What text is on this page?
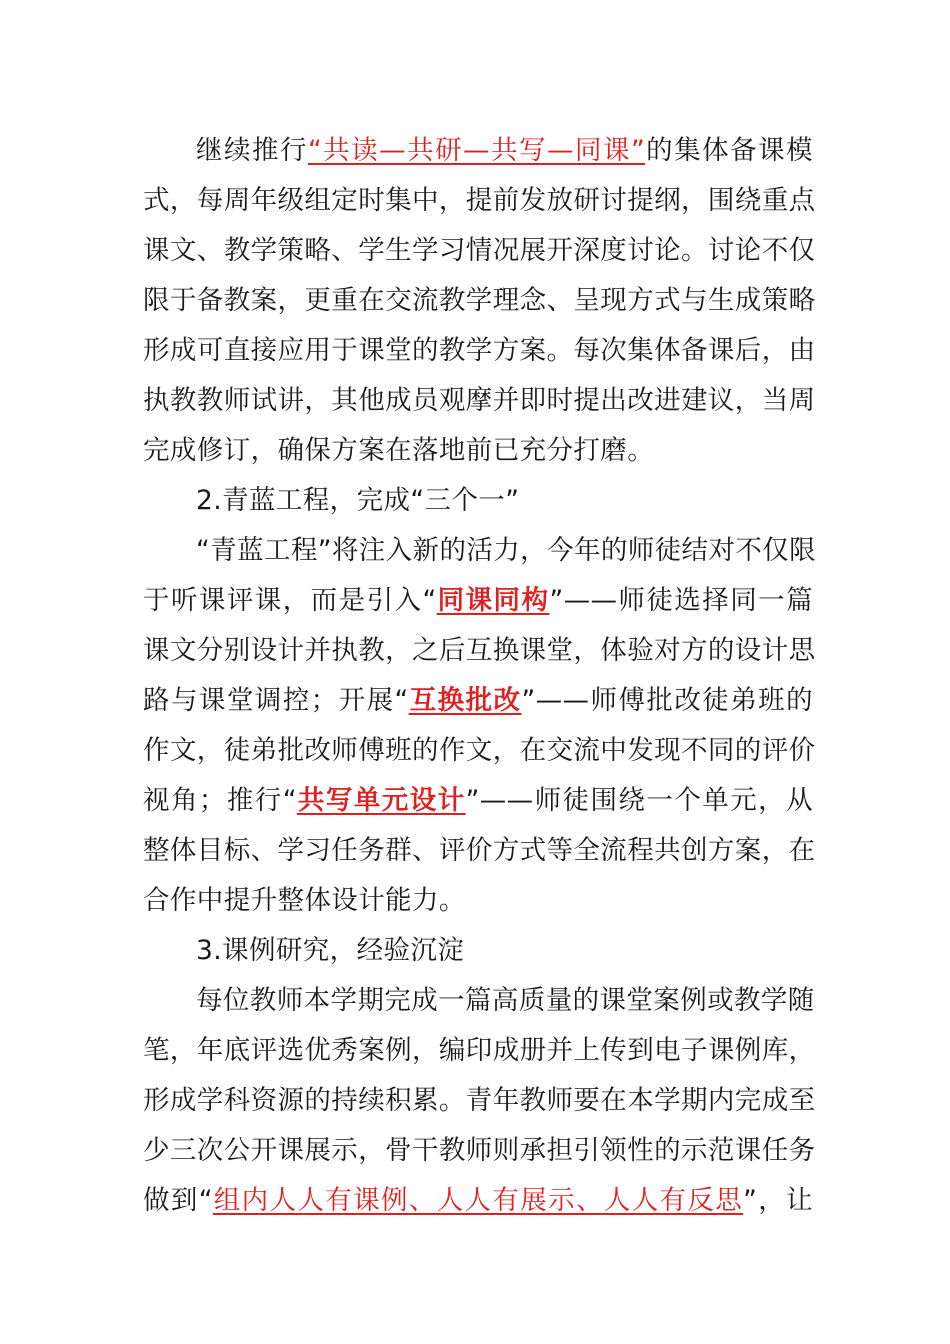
继续推行“共读—共研—共写—同课”的集体备课模
式，每周年级组定时集中，提前发放研讨提纲，围绕重点
课文、教学策略、学生学习情况展开深度讨论。讨论不仅
限于备教案，更重在交流教学理念、呈现方式与生成策略
形成可直接应用于课堂的教学方案。每次集体备课后，由
执教教师试讲，其他成员观摩并即时提出改进建议，当周
完成修订，确保方案在落地前已充分打磨。
2.青蓝工程，完成“三个一”
“青蓝工程”将注入新的活力，今年的师徒结对不仅限
于听课评课，而是引入“同课同构”——师徒选择同一篇
课文分别设计并执教，之后互换课堂，体验对方的设计思
路与课堂调控；开展“互换批改”——师傅批改徒弟班的
作文，徒弟批改师傅班的作文，在交流中发现不同的评价
视角；推行“共写单元设计”——师徒围绕一个单元，从
整体目标、学习任务群、评价方式等全流程共创方案，在
合作中提升整体设计能力。
3.课例研究，经验沉淀
每位教师本学期完成一篇高质量的课堂案例或教学随
笔，年底评选优秀案例，编印成册并上传到电子课例库，
形成学科资源的持续积累。青年教师要在本学期内完成至
少三次公开课展示，骨干教师则承担引领性的示范课任务
做到“组内人人有课例、人人有展示、人人有反思”，让
